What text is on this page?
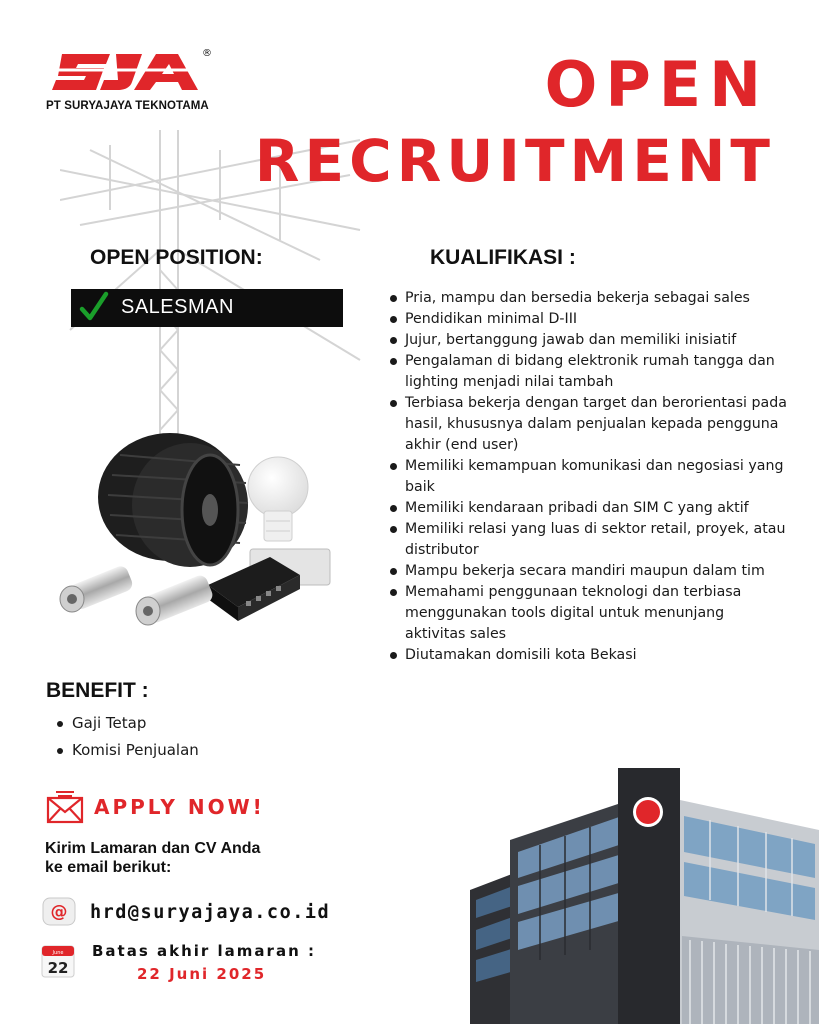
®
PT SURYAJAYA TEKNOTAMA	OPEN
RECRUITMENT
OPEN POSITION:
SALESMAN
KUALIFIKASI :
Pria, mampu dan bersedia bekerja sebagai sales
Pendidikan minimal D-III
Jujur, bertanggung jawab dan memiliki inisiatif
Pengalaman di bidang elektronik rumah tangga dan lighting menjadi nilai tambah
Terbiasa bekerja dengan target dan berorientasi pada hasil, khususnya dalam penjualan kepada pengguna akhir (end user)
Memiliki kemampuan komunikasi dan negosiasi yang baik
Memiliki kendaraan pribadi dan SIM C yang aktif
Memiliki relasi yang luas di sektor retail, proyek, atau distributor
Mampu bekerja secara mandiri maupun dalam tim
Memahami penggunaan teknologi dan terbiasa menggunakan tools digital untuk menunjang aktivitas sales
Diutamakan domisili kota Bekasi
BENEFIT :
Gaji Tetap
Komisi Penjualan
APPLY NOW!
Kirim Lamaran dan CV Anda
ke email berikut:
@ hrd@suryajaya.co.id
June
22
Batas akhir lamaran :
22 Juni 2025
